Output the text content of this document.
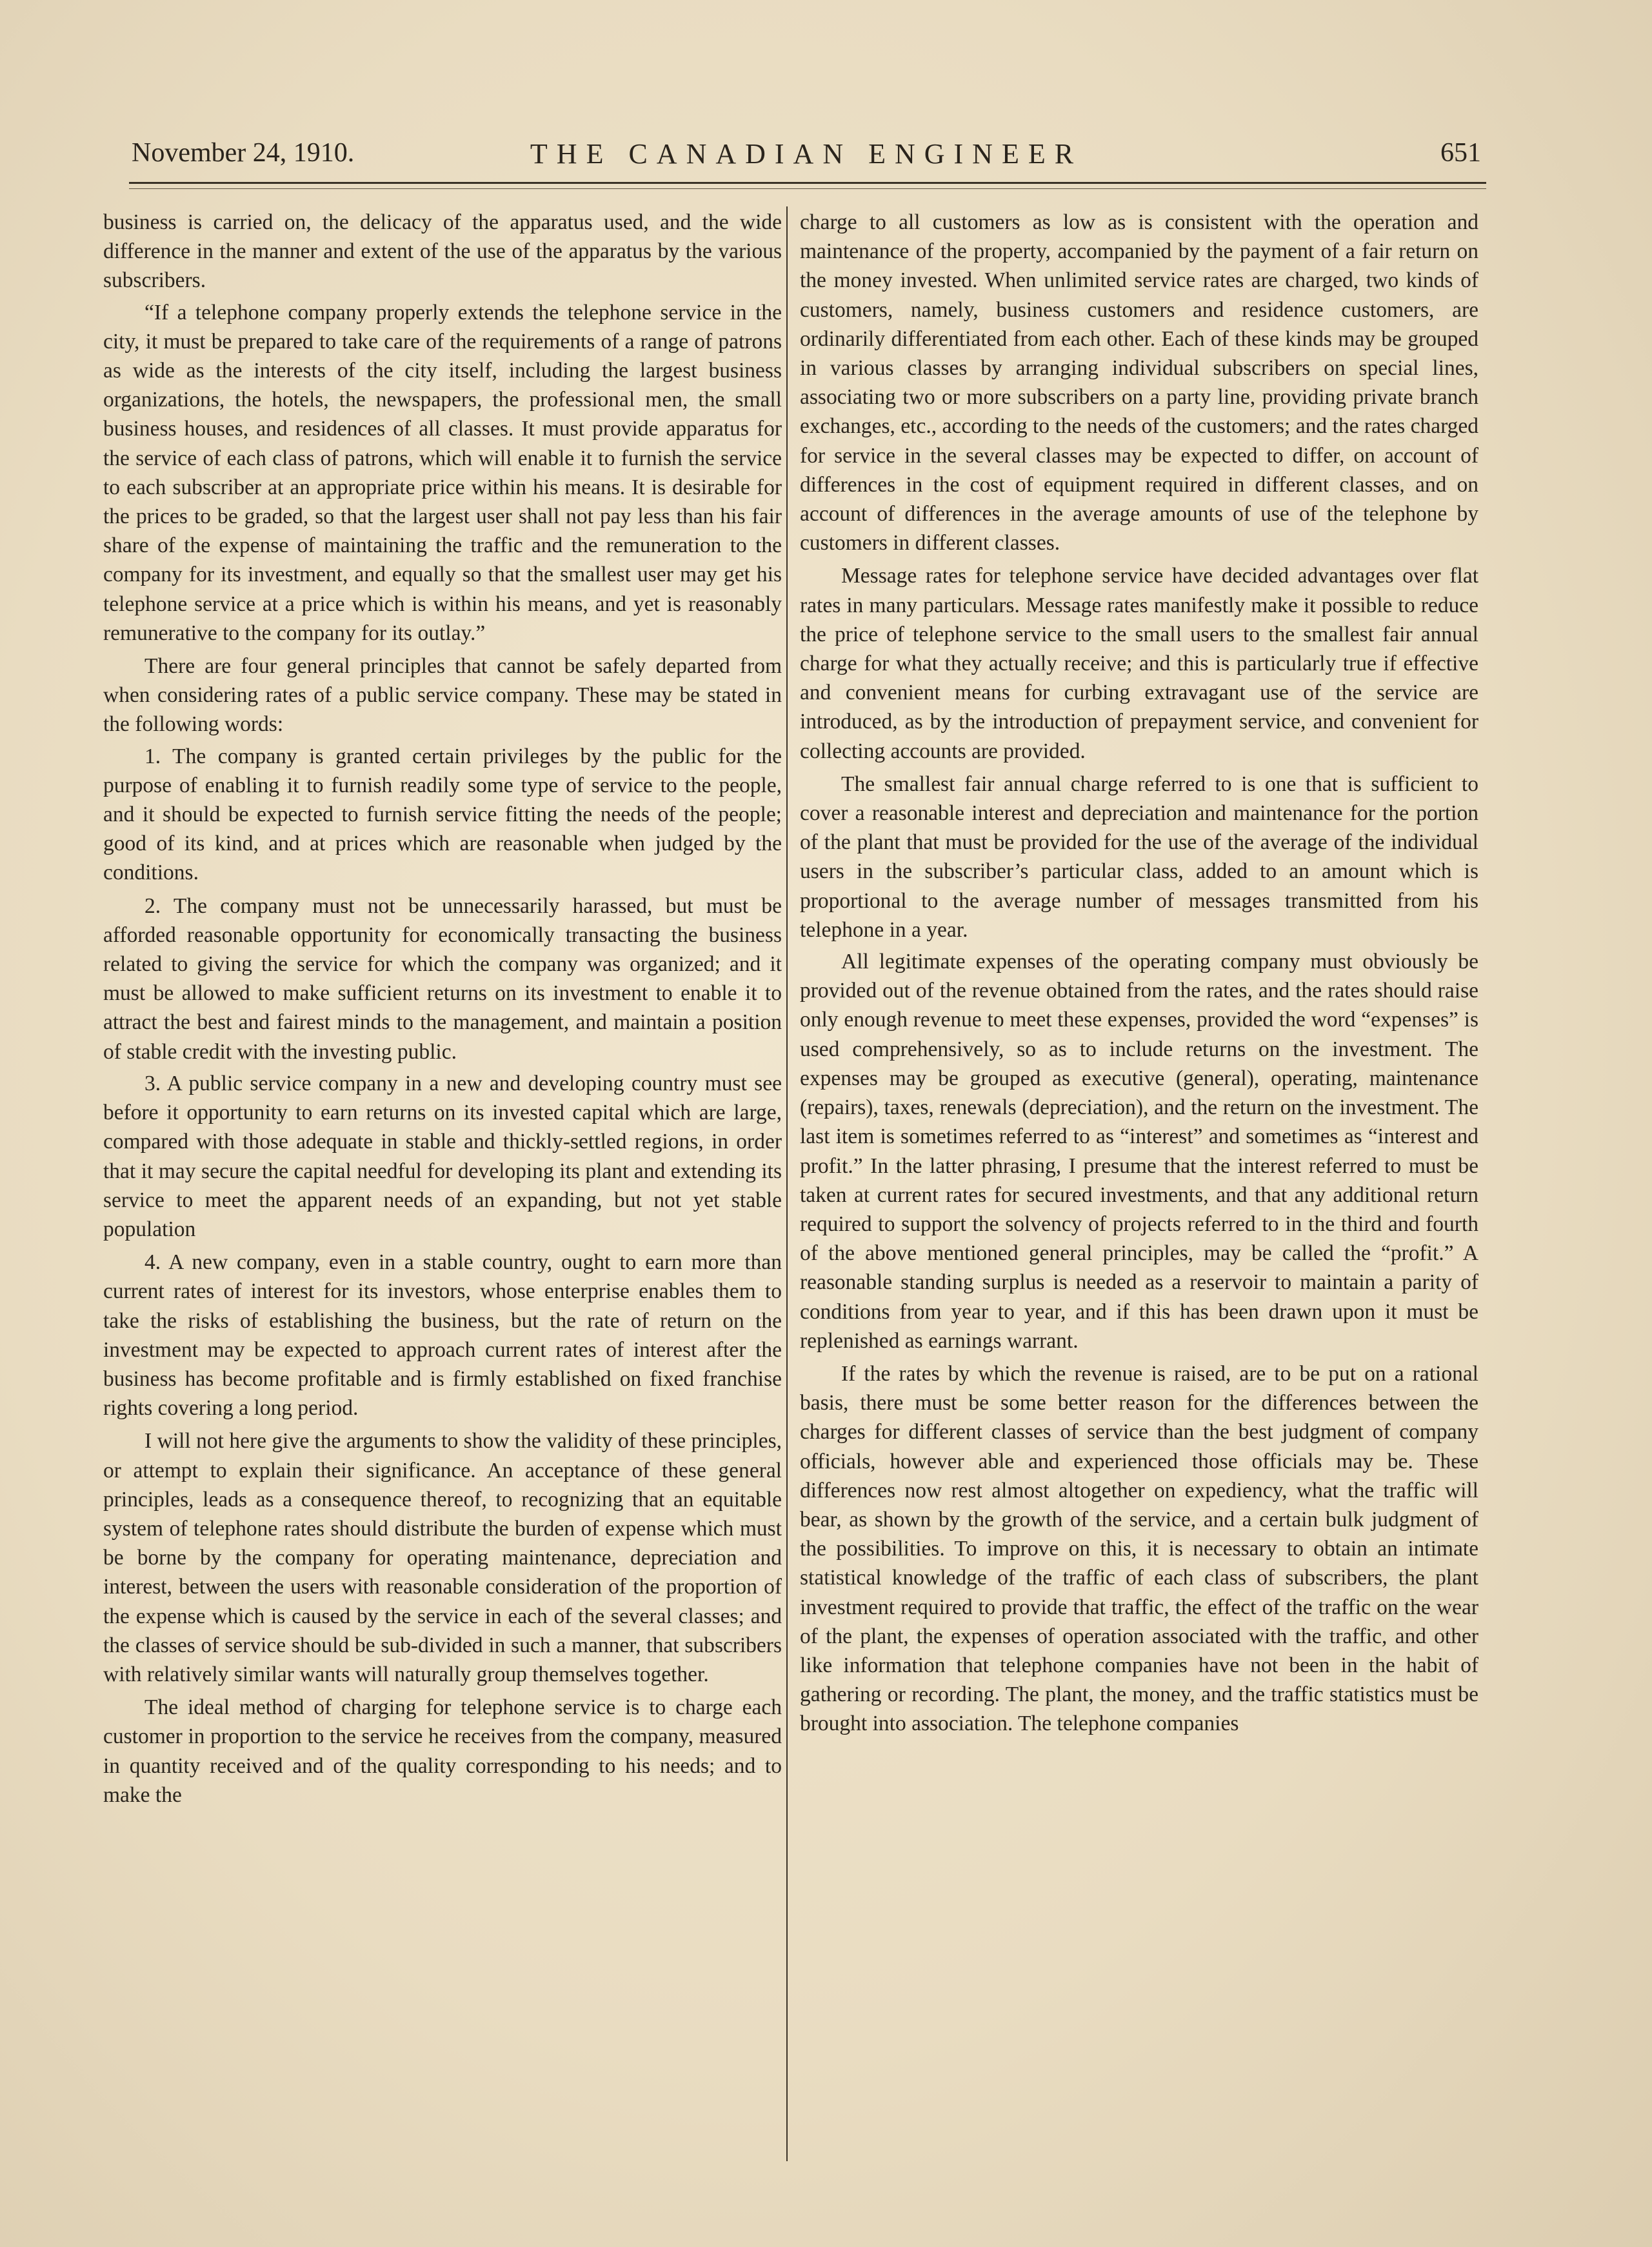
November 24, 1910.	THE CANADIAN ENGINEER	651

business is carried on, the delicacy of the apparatus used, and the wide difference in the manner and extent of the use of the apparatus by the various subscribers.

“If a telephone company properly extends the telephone service in the city, it must be prepared to take care of the requirements of a range of patrons as wide as the interests of the city itself, including the largest business organizations, the hotels, the newspapers, the professional men, the small business houses, and residences of all classes. It must provide apparatus for the service of each class of patrons, which will enable it to furnish the service to each subscriber at an appropriate price within his means. It is desirable for the prices to be graded, so that the largest user shall not pay less than his fair share of the expense of maintaining the traffic and the remuneration to the company for its investment, and equally so that the smallest user may get his telephone service at a price which is within his means, and yet is reasonably remunerative to the company for its outlay.”

There are four general principles that cannot be safely departed from when considering rates of a public service company. These may be stated in the following words:

1. The company is granted certain privileges by the public for the purpose of enabling it to furnish readily some type of service to the people, and it should be expected to furnish service fitting the needs of the people; good of its kind, and at prices which are reasonable when judged by the conditions.

2. The company must not be unnecessarily harassed, but must be afforded reasonable opportunity for economically transacting the business related to giving the service for which the company was organized; and it must be allowed to make sufficient returns on its investment to enable it to attract the best and fairest minds to the management, and maintain a position of stable credit with the investing public.

3. A public service company in a new and developing country must see before it opportunity to earn returns on its invested capital which are large, compared with those adequate in stable and thickly-settled regions, in order that it may secure the capital needful for developing its plant and extending its service to meet the apparent needs of an expanding, but not yet stable population

4. A new company, even in a stable country, ought to earn more than current rates of interest for its investors, whose enterprise enables them to take the risks of establishing the business, but the rate of return on the investment may be expected to approach current rates of interest after the business has become profitable and is firmly established on fixed franchise rights covering a long period.

I will not here give the arguments to show the validity of these principles, or attempt to explain their significance. An acceptance of these general principles, leads as a consequence thereof, to recognizing that an equitable system of telephone rates should distribute the burden of expense which must be borne by the company for operating maintenance, depreciation and interest, between the users with reasonable consideration of the proportion of the expense which is caused by the service in each of the several classes; and the classes of service should be sub-divided in such a manner, that subscribers with relatively similar wants will naturally group themselves together.

The ideal method of charging for telephone service is to charge each customer in proportion to the service he receives from the company, measured in quantity received and of the quality corresponding to his needs; and to make the

charge to all customers as low as is consistent with the operation and maintenance of the property, accompanied by the payment of a fair return on the money invested. When unlimited service rates are charged, two kinds of customers, namely, business customers and residence customers, are ordinarily differentiated from each other. Each of these kinds may be grouped in various classes by arranging individual subscribers on special lines, associating two or more subscribers on a party line, providing private branch exchanges, etc., according to the needs of the customers; and the rates charged for service in the several classes may be expected to differ, on account of differences in the cost of equipment required in different classes, and on account of differences in the average amounts of use of the telephone by customers in different classes.

Message rates for telephone service have decided advantages over flat rates in many particulars. Message rates manifestly make it possible to reduce the price of telephone service to the small users to the smallest fair annual charge for what they actually receive; and this is particularly true if effective and convenient means for curbing extravagant use of the service are introduced, as by the introduction of prepayment service, and convenient for collecting accounts are provided.

The smallest fair annual charge referred to is one that is sufficient to cover a reasonable interest and depreciation and maintenance for the portion of the plant that must be provided for the use of the average of the individual users in the subscriber’s particular class, added to an amount which is proportional to the average number of messages transmitted from his telephone in a year.

All legitimate expenses of the operating company must obviously be provided out of the revenue obtained from the rates, and the rates should raise only enough revenue to meet these expenses, provided the word “expenses” is used comprehensively, so as to include returns on the investment. The expenses may be grouped as executive (general), operating, maintenance (repairs), taxes, renewals (depreciation), and the return on the investment. The last item is sometimes referred to as “interest” and sometimes as “interest and profit.” In the latter phrasing, I presume that the interest referred to must be taken at current rates for secured investments, and that any additional return required to support the solvency of projects referred to in the third and fourth of the above mentioned general principles, may be called the “profit.” A reasonable standing surplus is needed as a reservoir to maintain a parity of conditions from year to year, and if this has been drawn upon it must be replenished as earnings warrant.

If the rates by which the revenue is raised, are to be put on a rational basis, there must be some better reason for the differences between the charges for different classes of service than the best judgment of company officials, however able and experienced those officials may be. These differences now rest almost altogether on expediency, what the traffic will bear, as shown by the growth of the service, and a certain bulk judgment of the possibilities. To improve on this, it is necessary to obtain an intimate statistical knowledge of the traffic of each class of subscribers, the plant investment required to provide that traffic, the effect of the traffic on the wear of the plant, the expenses of operation associated with the traffic, and other like information that telephone companies have not been in the habit of gathering or recording. The plant, the money, and the traffic statistics must be brought into association. The telephone companies
